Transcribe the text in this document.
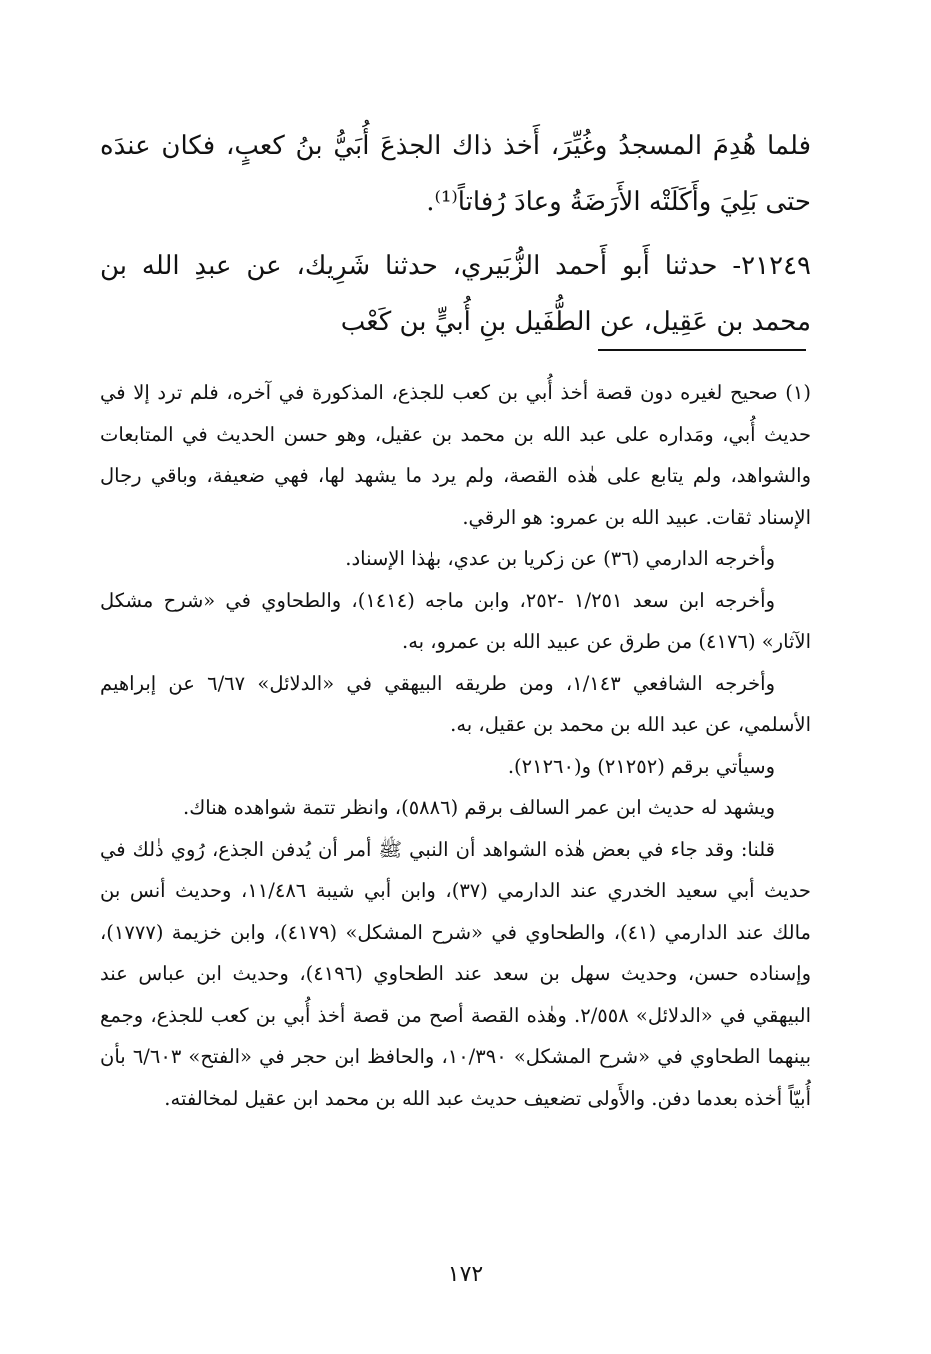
فلما هُدِمَ المسجدُ وغُيِّرَ، أَخذ ذاك الجذعَ أُبَيُّ بنُ كعبٍ، فكان عندَه حتى بَلِيَ وأَكَلَتْه الأَرَضَةُ وعادَ رُفاتاً⁽¹⁾.

٢١٢٤٩- حدثنا أَبو أَحمد الزُّبَيري، حدثنا شَرِيك، عن عبدِ الله بن محمد بن عَقِيل، عن الطُّفَيل بنِ أُبيٍّ بن كَعْب

(١) صحيح لغيره دون قصة أخذ أُبي بن كعب للجذع، المذكورة في آخره، فلم ترد إلا في حديث أُبي، ومَداره على عبد الله بن محمد بن عقيل، وهو حسن الحديث في المتابعات والشواهد، ولم يتابع على هٰذه القصة، ولم يرد ما يشهد لها، فهي ضعيفة، وباقي رجال الإسناد ثقات. عبيد الله بن عمرو: هو الرقي.

وأخرجه الدارمي (٣٦) عن زكريا بن عدي، بهٰذا الإسناد.

وأخرجه ابن سعد ١/٢٥١ -٢٥٢، وابن ماجه (١٤١٤)، والطحاوي في «شرح مشكل الآثار» (٤١٧٦) من طرق عن عبيد الله بن عمرو، به.

وأخرجه الشافعي ١/١٤٣، ومن طريقه البيهقي في «الدلائل» ٦/٦٧ عن إبراهيم الأسلمي، عن عبد الله بن محمد بن عقيل، به.

وسيأتي برقم (٢١٢٥٢) و(٢١٢٦٠).

ويشهد له حديث ابن عمر السالف برقم (٥٨٨٦)، وانظر تتمة شواهده هناك.

قلنا: وقد جاء في بعض هٰذه الشواهد أن النبي ﷺ أمر أن يُدفن الجذع، رُوي ذٰلك في حديث أبي سعيد الخدري عند الدارمي (٣٧)، وابن أبي شيبة ١١/٤٨٦، وحديث أنس بن مالك عند الدارمي (٤١)، والطحاوي في «شرح المشكل» (٤١٧٩)، وابن خزيمة (١٧٧٧)، وإسناده حسن، وحديث سهل بن سعد عند الطحاوي (٤١٩٦)، وحديث ابن عباس عند البيهقي في «الدلائل» ٢/٥٥٨. وهٰذه القصة أصح من قصة أخذ أُبي بن كعب للجذع، وجمع بينهما الطحاوي في «شرح المشكل» ١٠/٣٩٠، والحافظ ابن حجر في «الفتح» ٦/٦٠٣ بأن أُبيّاً أخذه بعدما دفن. والأَولى تضعيف حديث عبد الله بن محمد ابن عقيل لمخالفته.

١٧٢
